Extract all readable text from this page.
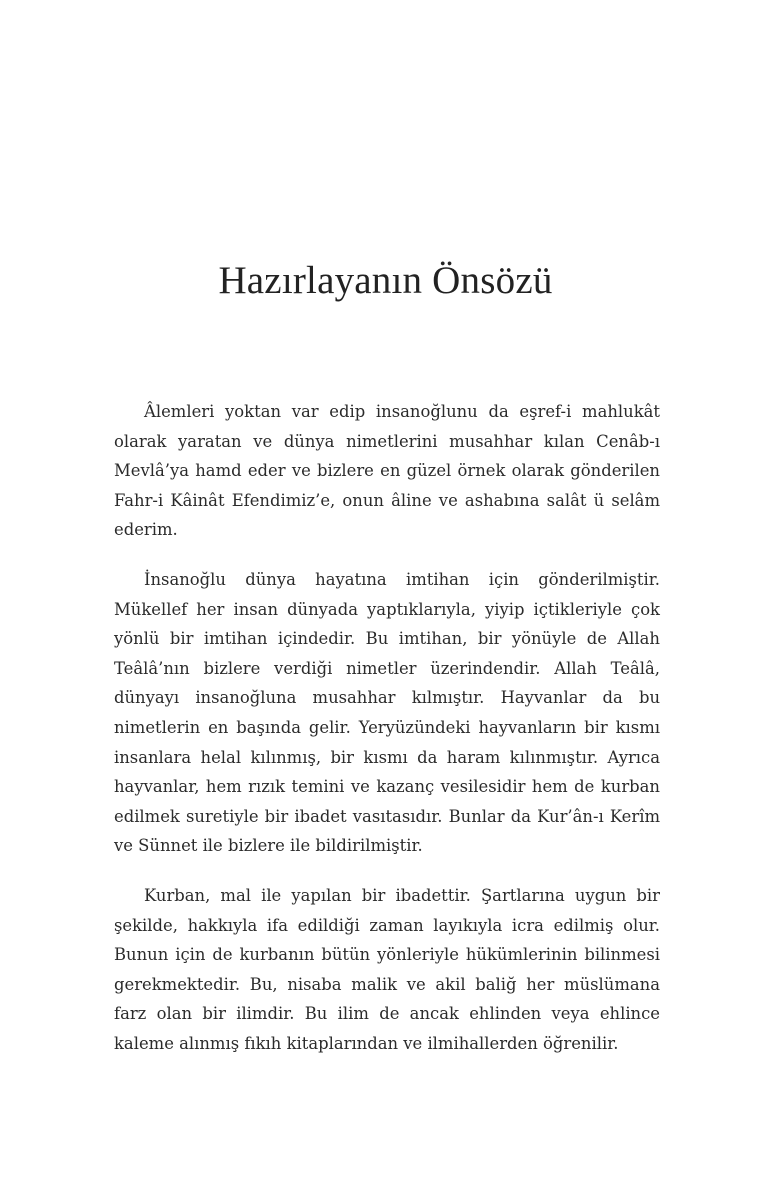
Hazırlayanın Önsözü

Âlemleri yoktan var edip insanoğlunu da eşref-i mahlukât olarak yaratan ve dünya nimetlerini musahhar kılan Cenâb-ı Mevlâ’ya hamd eder ve bizlere en güzel örnek olarak gönderilen Fahr-i Kâinât Efendimiz’e, onun âline ve ashabına salât ü selâm ederim.

İnsanoğlu dünya hayatına imtihan için gönderilmiştir. Mükellef her insan dünyada yaptıklarıyla, yiyip içtikleriyle çok yönlü bir imtihan içindedir. Bu imtihan, bir yönüyle de Allah Teâlâ’nın bizlere verdiği nimetler üzerindendir. Allah Teâlâ, dünyayı insanoğluna musahhar kılmıştır. Hayvanlar da bu nimetlerin en başında gelir. Yeryüzündeki hayvanların bir kısmı insanlara helal kılınmış, bir kısmı da haram kılınmıştır. Ayrıca hayvanlar, hem rızık temini ve kazanç vesilesidir hem de kurban edilmek suretiyle bir ibadet vasıtasıdır. Bunlar da Kur’ân-ı Kerîm ve Sünnet ile bizlere ile bildirilmiştir.

Kurban, mal ile yapılan bir ibadettir. Şartlarına uygun bir şekilde, hakkıyla ifa edildiği zaman layıkıyla icra edilmiş olur. Bunun için de kurbanın bütün yönleriyle hükümlerinin bilinmesi gerekmektedir. Bu, nisaba malik ve akil baliğ her müslümana farz olan bir ilimdir. Bu ilim de ancak ehlinden veya ehlince kaleme alınmış fıkıh kitaplarından ve ilmihallerden öğrenilir.
